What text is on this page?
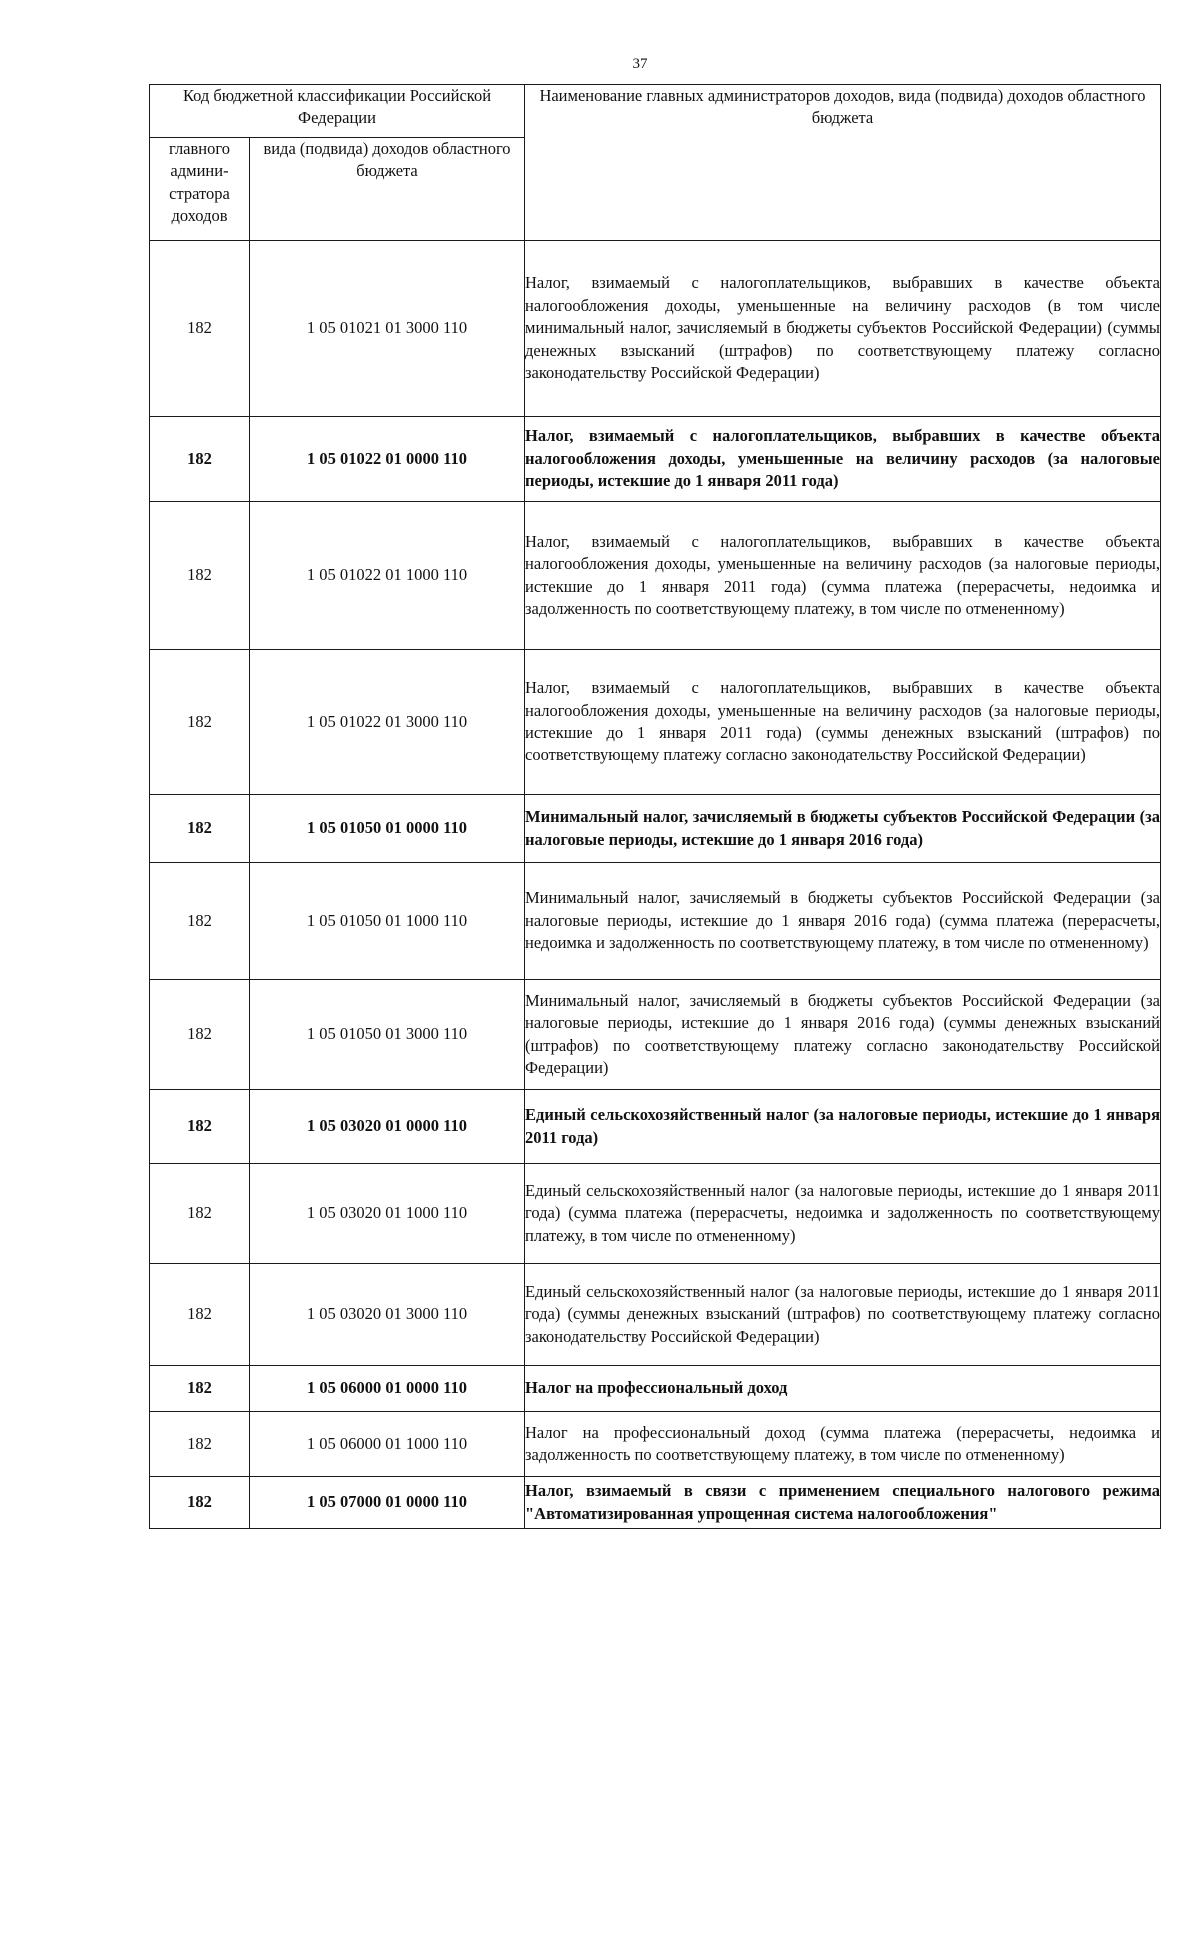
37
Код бюджетной классификации Российской Федерации		Наименование главных администраторов доходов, вида (подвида) доходов областного бюджета
главного админи-стратора доходов	вида (подвида) доходов областного бюджета	
182	1 05 01021 01 3000 110	Налог, взимаемый с налогоплательщиков, выбравших в качестве объекта налогообложения доходы, уменьшенные на величину расходов (в том числе минимальный налог, зачисляемый в бюджеты субъектов Российской Федерации) (суммы денежных взысканий (штрафов) по соответствующему платежу согласно законодательству Российской Федерации)
182	1 05 01022 01 0000 110	Налог, взимаемый с налогоплательщиков, выбравших в качестве объекта налогообложения доходы, уменьшенные на величину расходов (за налоговые периоды, истекшие до 1 января 2011 года)
182	1 05 01022 01 1000 110	Налог, взимаемый с налогоплательщиков, выбравших в качестве объекта налогообложения доходы, уменьшенные на величину расходов (за налоговые периоды, истекшие до 1 января 2011 года) (сумма платежа (перерасчеты, недоимка и задолженность по соответствующему платежу, в том числе по отмененному)
182	1 05 01022 01 3000 110	Налог, взимаемый с налогоплательщиков, выбравших в качестве объекта налогообложения доходы, уменьшенные на величину расходов (за налоговые периоды, истекшие до 1 января 2011 года) (суммы денежных взысканий (штрафов) по соответствующему платежу согласно законодательству Российской Федерации)
182	1 05 01050 01 0000 110	Минимальный налог, зачисляемый в бюджеты субъектов Российской Федерации (за налоговые периоды, истекшие до 1 января 2016 года)
182	1 05 01050 01 1000 110	Минимальный налог, зачисляемый в бюджеты субъектов Российской Федерации (за налоговые периоды, истекшие до 1 января 2016 года) (сумма платежа (перерасчеты, недоимка и задолженность по соответствующему платежу, в том числе по отмененному)
182	1 05 01050 01 3000 110	Минимальный налог, зачисляемый в бюджеты субъектов Российской Федерации (за налоговые периоды, истекшие до 1 января 2016 года) (суммы денежных взысканий (штрафов) по соответствующему платежу согласно законодательству Российской Федерации)
182	1 05 03020 01 0000 110	Единый сельскохозяйственный налог (за налоговые периоды, истекшие до 1 января 2011 года)
182	1 05 03020 01 1000 110	Единый сельскохозяйственный налог (за налоговые периоды, истекшие до 1 января 2011 года) (сумма платежа (перерасчеты, недоимка и задолженность по соответствующему платежу, в том числе по отмененному)
182	1 05 03020 01 3000 110	Единый сельскохозяйственный налог (за налоговые периоды, истекшие до 1 января 2011 года) (суммы денежных взысканий (штрафов) по соответствующему платежу согласно законодательству Российской Федерации)
182	1 05 06000 01 0000 110	Налог на профессиональный доход
182	1 05 06000 01 1000 110	Налог на профессиональный доход (сумма платежа (перерасчеты, недоимка и задолженность по соответствующему платежу, в том числе по отмененному)
182	1 05 07000 01 0000 110	Налог, взимаемый в связи с применением специального налогового режима "Автоматизированная упрощенная система налогообложения"
